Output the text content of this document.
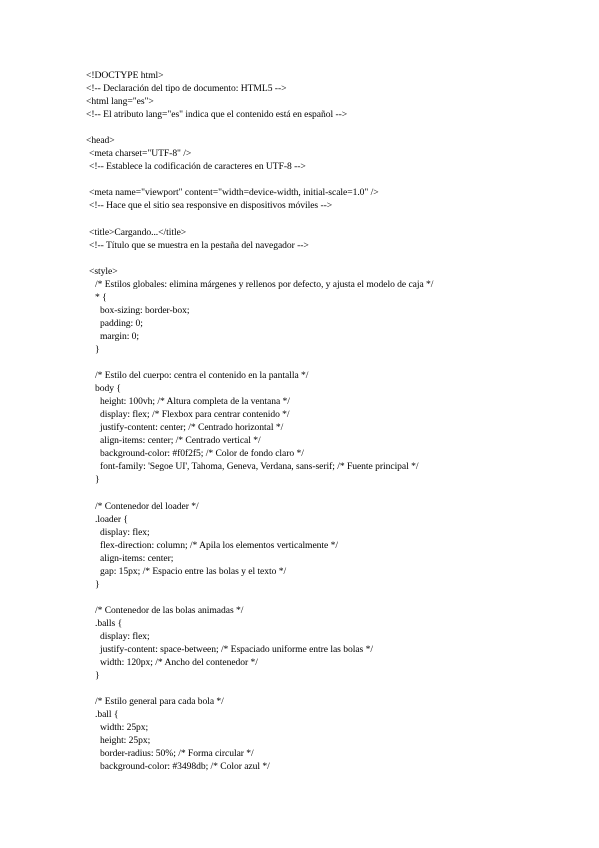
<!DOCTYPE html>
<!-- Declaración del tipo de documento: HTML5 -->
<html lang="es">
<!-- El atributo lang="es" indica que el contenido está en español -->
<head>
<meta charset="UTF-8" />
<!-- Establece la codificación de caracteres en UTF-8 -->
<meta name="viewport" content="width=device-width, initial-scale=1.0" />
<!-- Hace que el sitio sea responsive en dispositivos móviles -->
<title>Cargando...</title>
<!-- Título que se muestra en la pestaña del navegador -->
<style>
/* Estilos globales: elimina márgenes y rellenos por defecto, y ajusta el modelo de caja */
* {
box-sizing: border-box;
padding: 0;
margin: 0;
}
/* Estilo del cuerpo: centra el contenido en la pantalla */
body {
height: 100vh; /* Altura completa de la ventana */
display: flex; /* Flexbox para centrar contenido */
justify-content: center; /* Centrado horizontal */
align-items: center; /* Centrado vertical */
background-color: #f0f2f5; /* Color de fondo claro */
font-family: 'Segoe UI', Tahoma, Geneva, Verdana, sans-serif; /* Fuente principal */
}
/* Contenedor del loader */
.loader {
display: flex;
flex-direction: column; /* Apila los elementos verticalmente */
align-items: center;
gap: 15px; /* Espacio entre las bolas y el texto */
}
/* Contenedor de las bolas animadas */
.balls {
display: flex;
justify-content: space-between; /* Espaciado uniforme entre las bolas */
width: 120px; /* Ancho del contenedor */
}
/* Estilo general para cada bola */
.ball {
width: 25px;
height: 25px;
border-radius: 50%; /* Forma circular */
background-color: #3498db; /* Color azul */
